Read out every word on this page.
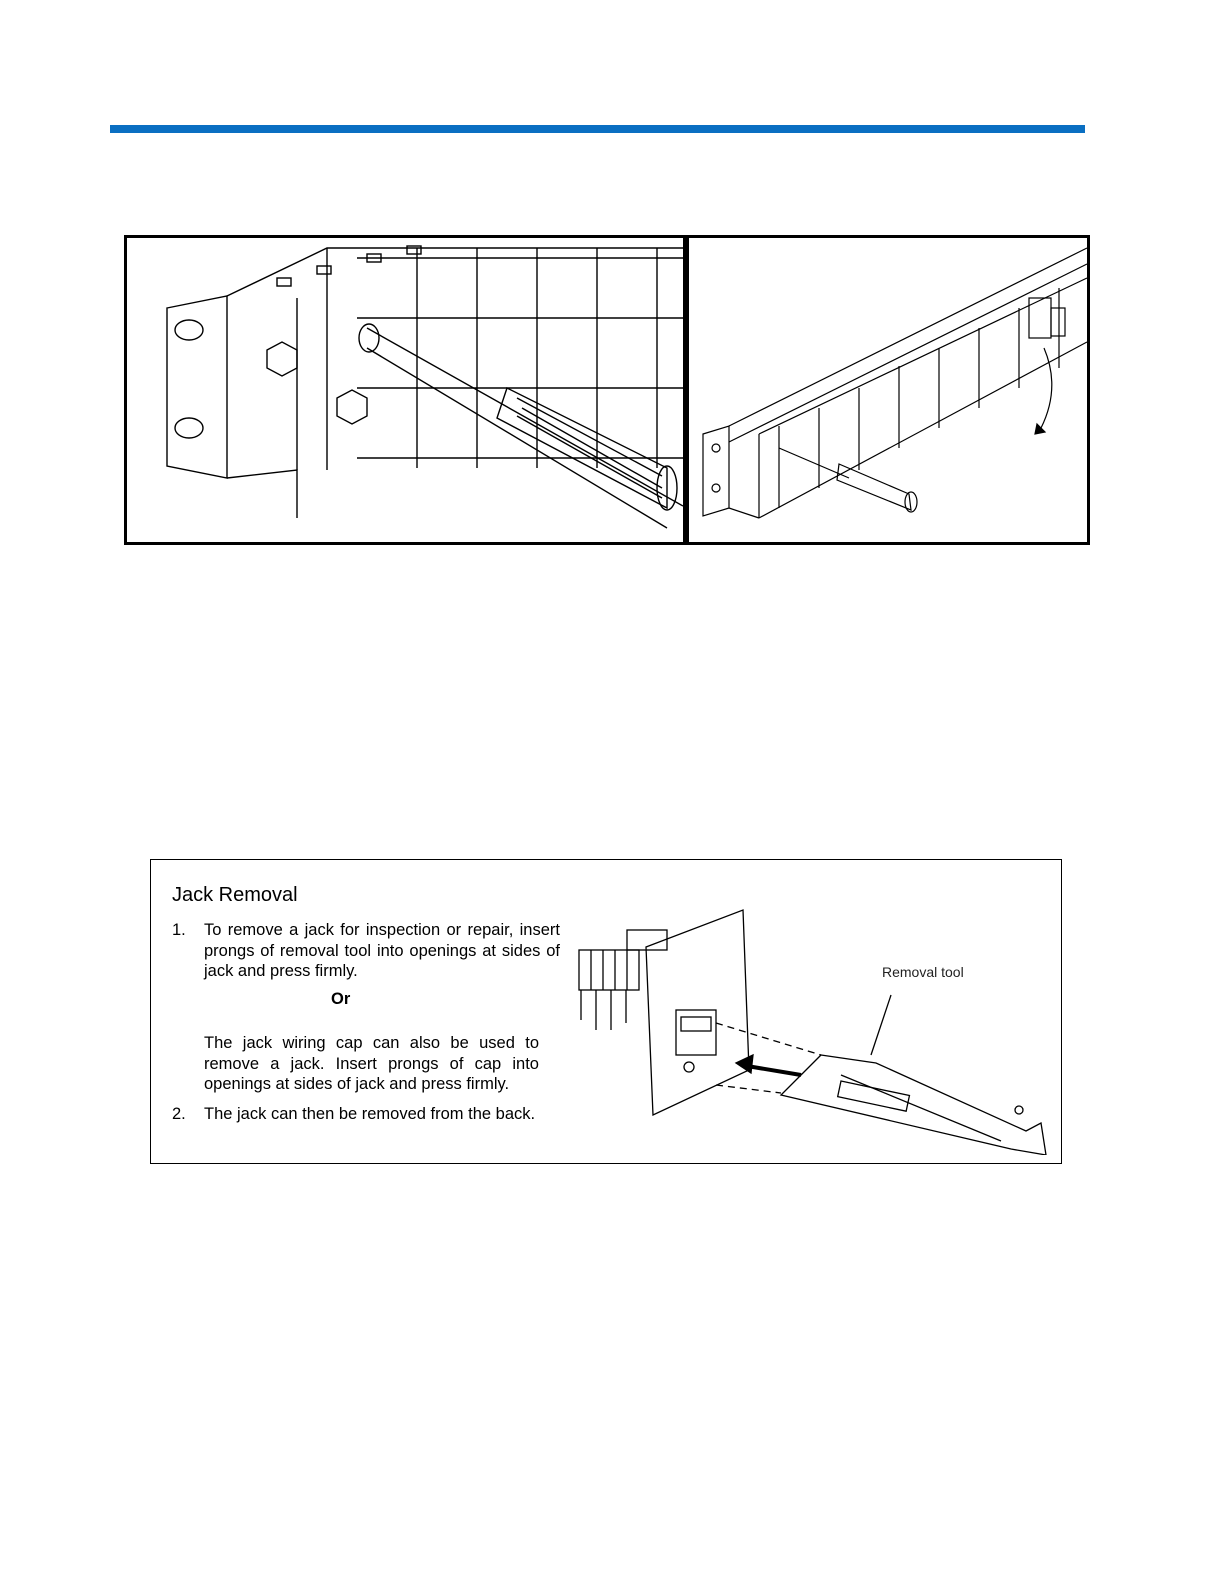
Jack Removal
1.	To remove a jack for inspection or repair, insert prongs of removal tool into openings at sides of jack and press firmly.
Or
The jack wiring cap can also be used to remove a jack. Insert prongs of cap into openings at sides of jack and press firmly.
2.	The jack can then be removed from the back.
Removal tool
